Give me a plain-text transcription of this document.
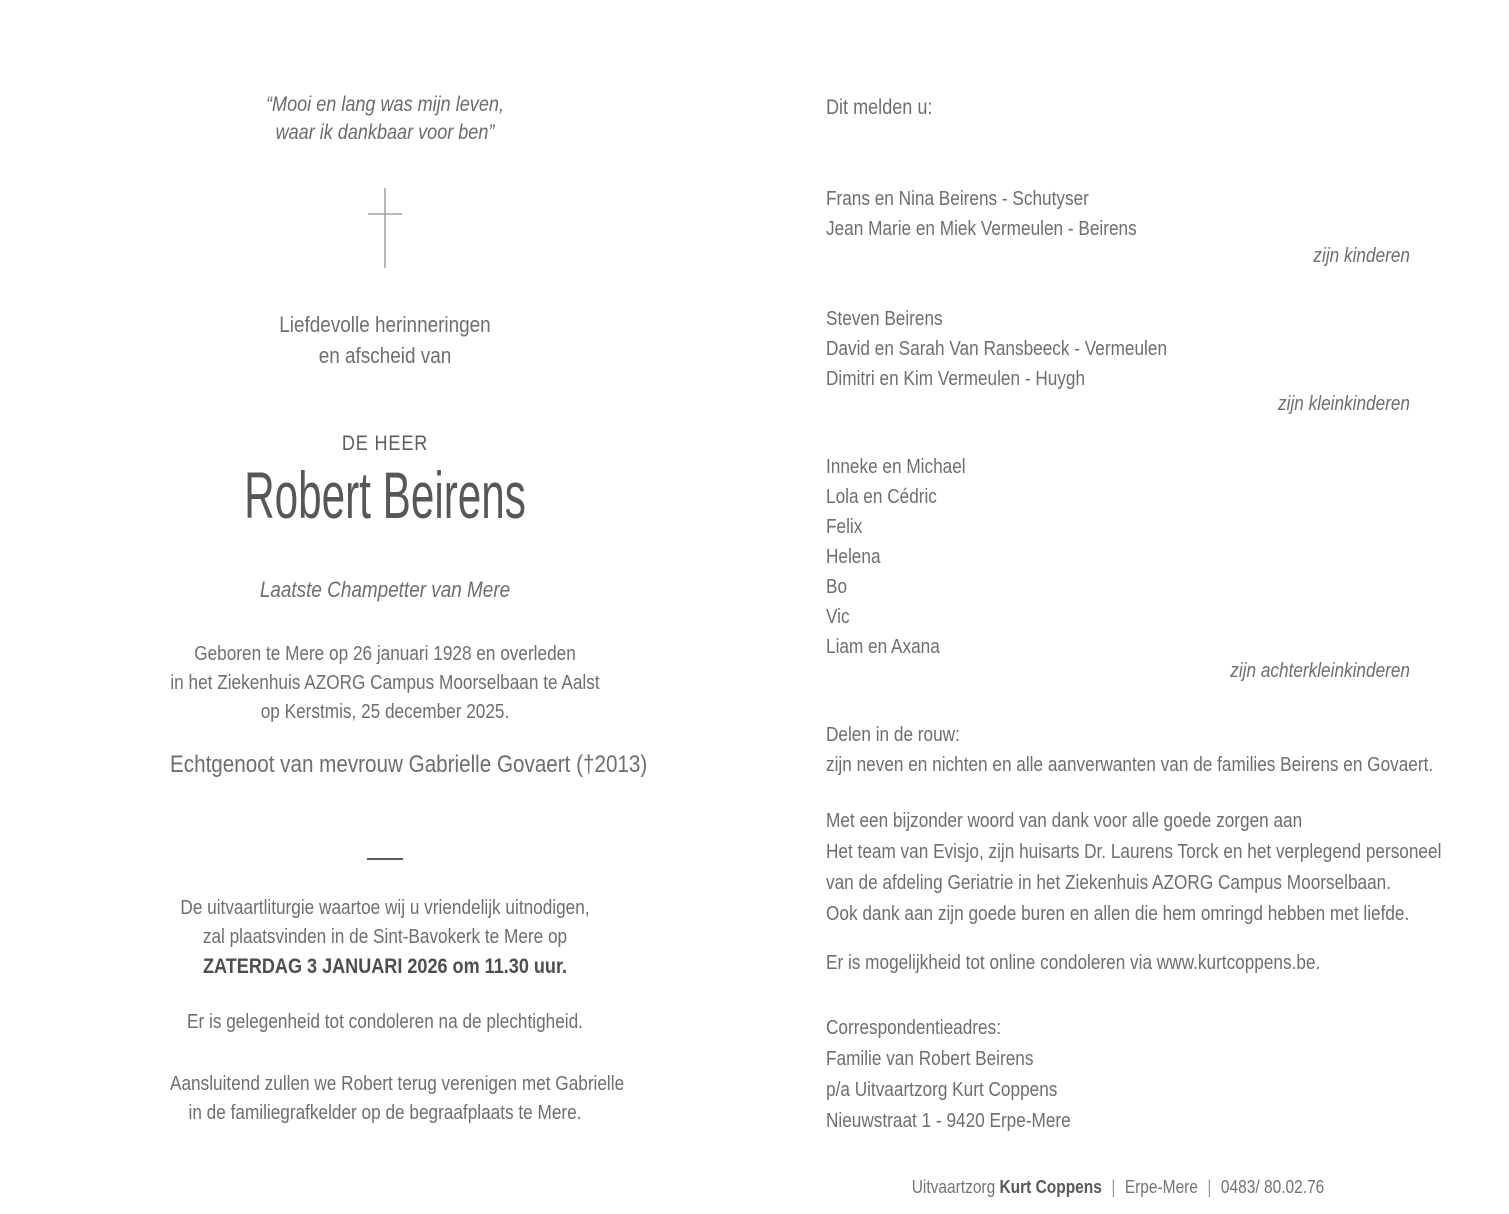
“Mooi en lang was mijn leven,
waar ik dankbaar voor ben”
Liefdevolle herinneringen
en afscheid van
DE HEER
Robert Beirens
Laatste Champetter van Mere
Geboren te Mere op 26 januari 1928 en overleden
in het Ziekenhuis AZORG Campus Moorselbaan te Aalst
op Kerstmis, 25 december 2025.
Echtgenoot van mevrouw Gabrielle Govaert (†2013)
De uitvaartliturgie waartoe wij u vriendelijk uitnodigen,
zal plaatsvinden in de Sint-Bavokerk te Mere op
ZATERDAG 3 JANUARI 2026 om 11.30 uur.
Er is gelegenheid tot condoleren na de plechtigheid.
Aansluitend zullen we Robert terug verenigen met Gabrielle
in de familiegrafkelder op de begraafplaats te Mere.
Dit melden u:
Frans en Nina Beirens - Schutyser
Jean Marie en Miek Vermeulen - Beirens
zijn kinderen
Steven Beirens
David en Sarah Van Ransbeeck - Vermeulen
Dimitri en Kim Vermeulen - Huygh
zijn kleinkinderen
Inneke en Michael
Lola en Cédric
Felix
Helena
Bo
Vic
Liam en Axana
zijn achterkleinkinderen
Delen in de rouw:
zijn neven en nichten en alle aanverwanten van de families Beirens en Govaert.
Met een bijzonder woord van dank voor alle goede zorgen aan
Het team van Evisjo, zijn huisarts Dr. Laurens Torck en het verplegend personeel
van de afdeling Geriatrie in het Ziekenhuis AZORG Campus Moorselbaan.
Ook dank aan zijn goede buren en allen die hem omringd hebben met liefde.
Er is mogelijkheid tot online condoleren via www.kurtcoppens.be.
Correspondentieadres:
Familie van Robert Beirens
p/a Uitvaartzorg Kurt Coppens
Nieuwstraat 1 - 9420 Erpe-Mere
Uitvaartzorg Kurt Coppens | Erpe-Mere | 0483/ 80.02.76
